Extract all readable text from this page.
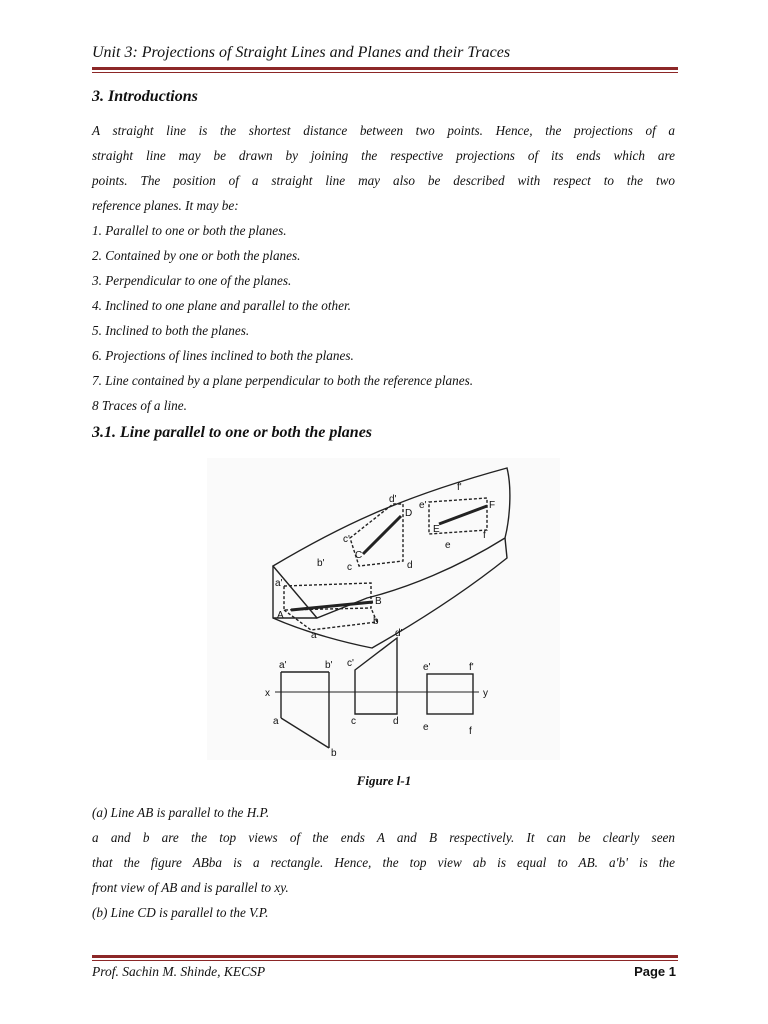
Unit 3: Projections of Straight Lines and Planes and their Traces
3. Introductions
A straight line is the shortest distance between two points. Hence, the projections of a
straight line may be drawn by joining the respective projections of its ends which are
points. The position of a straight line may also be described with respect to the two
reference planes. It may be:
1. Parallel to one or both the planes.
2. Contained by one or both the planes.
3. Perpendicular to one of the planes.
4. Inclined to one plane and parallel to the other.
5. Inclined to both the planes.
6. Projections of lines inclined to both the planes.
7. Line contained by a plane perpendicular to both the reference planes.
8 Traces of a line.
3.1. Line parallel to one or both the planes
a'
b'
A
B
a
b
c'
d'
C
D
c	d
e'
f'
E
F
e
f
x	y
a'	b'
a
b
c'
d'
c	d
e'	f'
e	f
Figure l-1
(a) Line AB is parallel to the H.P.
a and b are the top views of the ends A and B respectively. It can be clearly seen
that the figure ABba is a rectangle. Hence, the top view ab is equal to AB. a'b' is the
front view of AB and is parallel to xy.
(b) Line CD is parallel to the V.P.
Prof. Sachin M. Shinde, KECSP	Page 1
